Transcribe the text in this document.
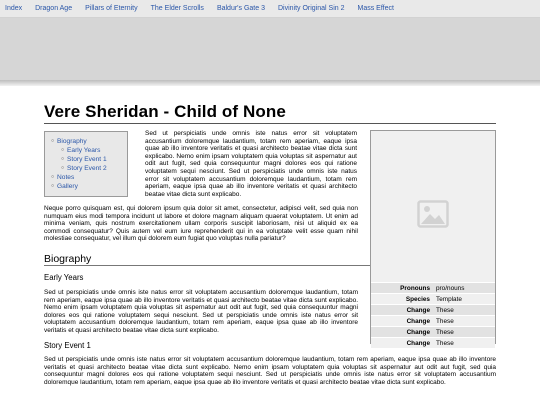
Index Dragon Age Pillars of Eternity The Elder Scrolls Baldur's Gate 3 Divinity Original Sin 2 Mass Effect
Vere Sheridan - Child of None
○ Biography
○ Early Years
○ Story Event 1
○ Story Event 2
○ Notes
○ Gallery

Sed ut perspiciatis unde omnis iste natus error sit voluptatem accusantium doloremque laudantium, totam rem aperiam, eaque ipsa quae ab illo inventore veritatis et quasi architecto beatae vitae dicta sunt explicabo. Nemo enim ipsam voluptatem quia voluptas sit aspernatur aut odit aut fugit, sed quia consequuntur magni dolores eos qui ratione voluptatem sequi nesciunt. Sed ut perspiciatis unde omnis iste natus error sit voluptatem accusantium doloremque laudantium, totam rem aperiam, eaque ipsa quae ab illo inventore veritatis et quasi architecto beatae vitae dicta sunt explicabo.

Neque porro quisquam est, qui dolorem ipsum quia dolor sit amet, consectetur, adipisci velit, sed quia non numquam eius modi tempora incidunt ut labore et dolore magnam aliquam quaerat voluptatem. Ut enim ad minima veniam, quis nostrum exercitationem ullam corporis suscipit laboriosam, nisi ut aliquid ex ea commodi consequatur? Quis autem vel eum iure reprehenderit qui in ea voluptate velit esse quam nihil molestiae consequatur, vel illum qui dolorem eum fugiat quo voluptas nulla pariatur?

Pronouns	pro/nouns
Species	Template
Change	These
Change	These
Change	These
Change	These
Biography
Early Years

Sed ut perspiciatis unde omnis iste natus error sit voluptatem accusantium doloremque laudantium, totam rem aperiam, eaque ipsa quae ab illo inventore veritatis et quasi architecto beatae vitae dicta sunt explicabo. Nemo enim ipsam voluptatem quia voluptas sit aspernatur aut odit aut fugit, sed quia consequuntur magni dolores eos qui ratione voluptatem sequi nesciunt. Sed ut perspiciatis unde omnis iste natus error sit voluptatem accusantium doloremque laudantium, totam rem aperiam, eaque ipsa quae ab illo inventore veritatis et quasi architecto beatae vitae dicta sunt explicabo.

Story Event 1

Sed ut perspiciatis unde omnis iste natus error sit voluptatem accusantium doloremque laudantium, totam rem aperiam, eaque ipsa quae ab illo inventore veritatis et quasi architecto beatae vitae dicta sunt explicabo. Nemo enim ipsam voluptatem quia voluptas sit aspernatur aut odit aut fugit, sed quia consequuntur magni dolores eos qui ratione voluptatem sequi nesciunt. Sed ut perspiciatis unde omnis iste natus error sit voluptatem accusantium doloremque laudantium, totam rem aperiam, eaque ipsa quae ab illo inventore veritatis et quasi architecto beatae vitae dicta sunt explicabo.
